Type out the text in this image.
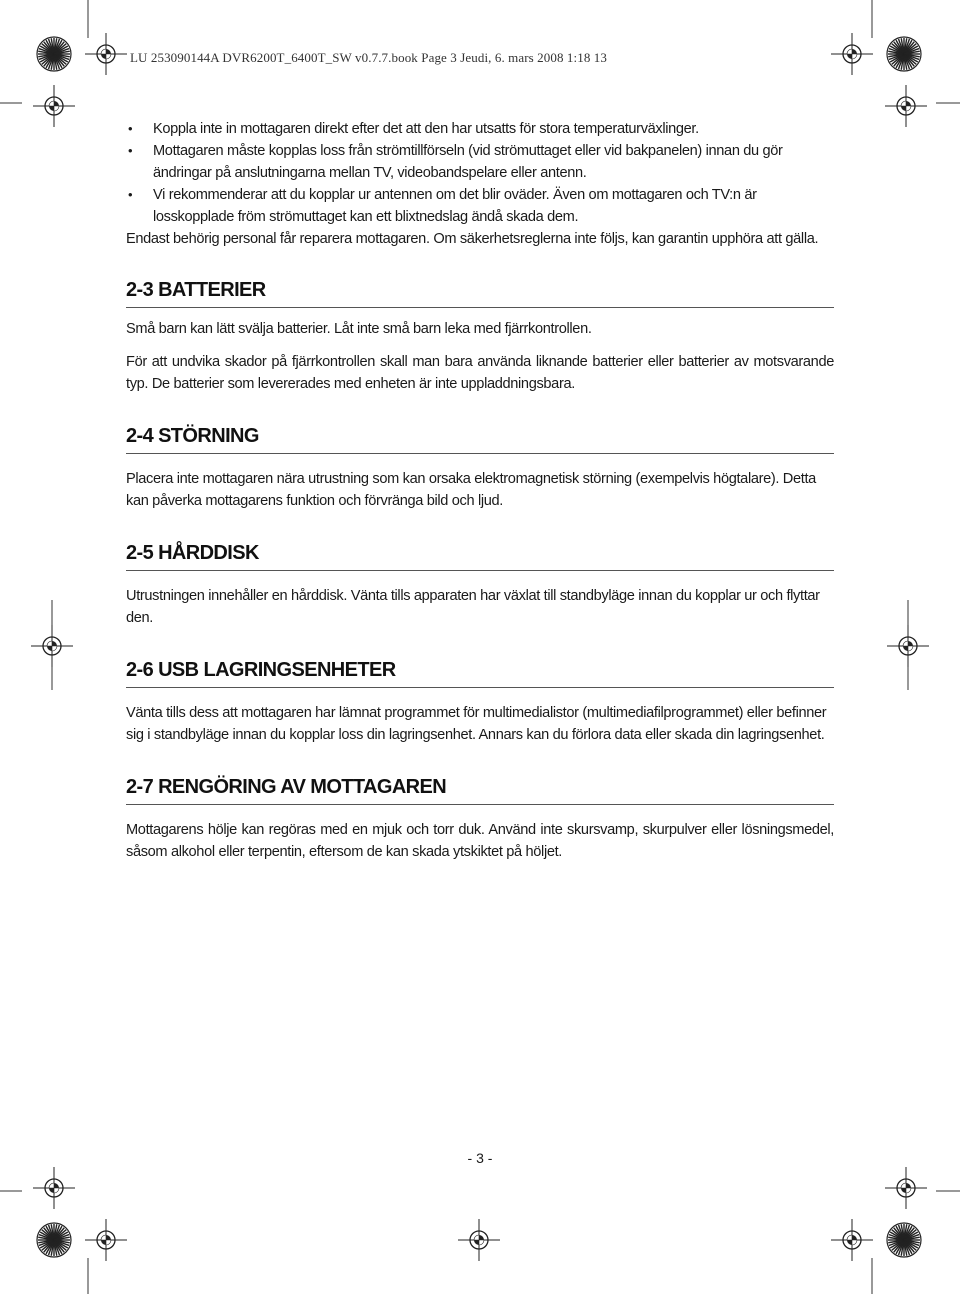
LU 253090144A DVR6200T_6400T_SW v0.7.7.book Page 3 Jeudi, 6. mars 2008 1:18 13
• Koppla inte in mottagaren direkt efter det att den har utsatts för stora temperaturväxlinger.
• Mottagaren måste kopplas loss från strömtillförseln (vid strömuttaget eller vid bakpanelen) innan du gör ändringar på anslutningarna mellan TV, videobandspelare eller antenn.
• Vi rekommenderar att du kopplar ur antennen om det blir oväder. Även om mottagaren och TV:n är losskopplade fröm strömuttaget kan ett blixtnedslag ändå skada dem.

Endast behörig personal får reparera mottagaren. Om säkerhetsreglerna inte följs, kan garantin upphöra att gälla.

2-3 BATTERIER

Små barn kan lätt svälja batterier. Låt inte små barn leka med fjärrkontrollen.

För att undvika skador på fjärrkontrollen skall man bara använda liknande batterier eller batterier av motsvarande typ. De batterier som levererades med enheten är inte uppladdningsbara.

2-4 STÖRNING

Placera inte mottagaren nära utrustning som kan orsaka elektromagnetisk störning (exempelvis högtalare). Detta kan påverka mottagarens funktion och förvränga bild och ljud.

2-5 HÅRDDISK

Utrustningen innehåller en hårddisk. Vänta tills apparaten har växlat till standbyläge innan du kopplar ur och flyttar den.

2-6 USB LAGRINGSENHETER

Vänta tills dess att mottagaren har lämnat programmet för multimedialistor (multimediafilprogrammet) eller befinner sig i standbyläge innan du kopplar loss din lagringsenhet. Annars kan du förlora data eller skada din lagringsenhet.

2-7 RENGÖRING AV MOTTAGAREN

Mottagarens hölje kan regöras med en mjuk och torr duk. Använd inte skursvamp, skurpulver eller lösningsmedel, såsom alkohol eller terpentin, eftersom de kan skada ytskiktet på höljet.

- 3 -
